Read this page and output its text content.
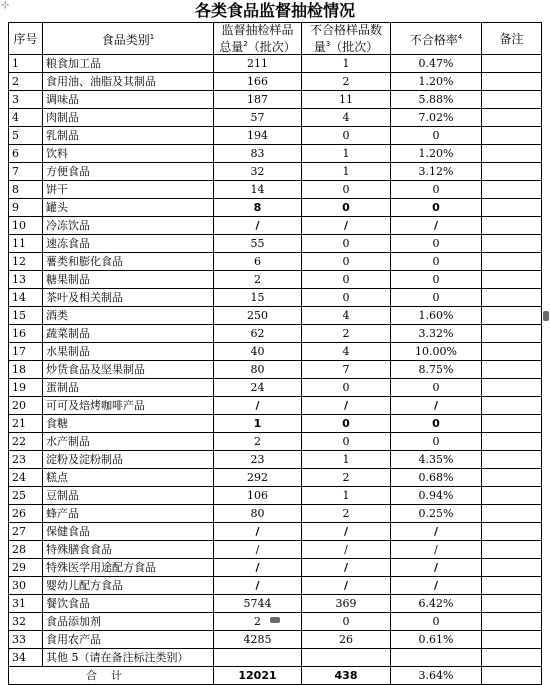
⊹	各类食品监督抽检情况
序号	食品类别$^1$	监督抽检样品总量$^2$（批次）	不合格样品数量$^3$（批次）	不合格率$^4$	备注
1	粮食加工品	211	1	0.47%	
2	食用油、油脂及其制品	166	2	1.20%	
3	调味品	187	11	5.88%	
4	肉制品	57	4	7.02%	
5	乳制品	194	0	0	
6	饮料	83	1	1.20%	
7	方便食品	32	1	3.12%	
8	饼干	14	0	0	
9	罐头	8	0	0	
10	冷冻饮品	/	/	/	
11	速冻食品	55	0	0	
12	薯类和膨化食品	6	0	0	
13	糖果制品	2	0	0	
14	茶叶及相关制品	15	0	0	
15	酒类	250	4	1.60%	
16	蔬菜制品	62	2	3.32%	
17	水果制品	40	4	10.00%	
18	炒货食品及坚果制品	80	7	8.75%	
19	蛋制品	24	0	0	
20	可可及焙烤咖啡产品	/	/	/	
21	食糖	1	0	0	
22	水产制品	2	0	0	
23	淀粉及淀粉制品	23	1	4.35%	
24	糕点	292	2	0.68%	
25	豆制品	106	1	0.94%	
26	蜂产品	80	2	0.25%	
27	保健食品	/	/	/	
28	特殊膳食食品	/	/	/	
29	特殊医学用途配方食品	/	/	/	
30	婴幼儿配方食品	/	/	/	
31	餐饮食品	5744	369	6.42%	
32	食品添加剂	2	0	0	
33	食用农产品	4285	26	0.61%	
34	其他 5（请在备注标注类别）				
合计		12021	438	3.64%	
